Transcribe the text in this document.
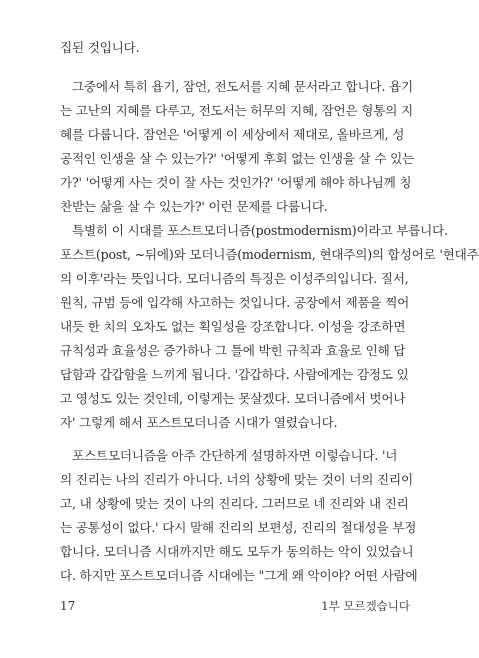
집된 것입니다.
그중에서 특히 욥기, 잠언, 전도서를 지혜 문서라고 합니다. 욥기
는 고난의 지혜를 다루고, 전도서는 허무의 지혜, 잠언은 형통의 지
혜를 다룹니다. 잠언은 '어떻게 이 세상에서 제대로, 올바르게, 성
공적인 인생을 살 수 있는가?' '어떻게 후회 없는 인생을 살 수 있는
가?' '어떻게 사는 것이 잘 사는 것인가?' '어떻게 해야 하나님께 칭
찬받는 삶을 살 수 있는가?' 이런 문제를 다룹니다.
특별히 이 시대를 포스트모더니즘(postmodernism)이라고 부릅니다.
포스트(post, ~뒤에)와 모더니즘(modernism, 현대주의)의 합성어로 '현대주
의 이후'라는 뜻입니다. 모더니즘의 특징은 이성주의입니다. 질서,
원칙, 규범 등에 입각해 사고하는 것입니다. 공장에서 제품을 찍어
내듯 한 치의 오차도 없는 획일성을 강조합니다. 이성을 강조하면
규칙성과 효율성은 증가하나 그 틀에 박힌 규칙과 효율로 인해 답
답함과 갑갑함을 느끼게 됩니다. '갑갑하다. 사람에게는 감정도 있
고 영성도 있는 것인데, 이렇게는 못살겠다. 모더니즘에서 벗어나
자' 그렇게 해서 포스트모더니즘 시대가 열렸습니다.
포스트모더니즘을 아주 간단하게 설명하자면 이렇습니다. '너
의 진리는 나의 진리가 아니다. 너의 상황에 맞는 것이 너의 진리이
고, 내 상황에 맞는 것이 나의 진리다. 그러므로 네 진리와 내 진리
는 공통성이 없다.' 다시 말해 진리의 보편성, 진리의 절대성을 부정
합니다. 모더니즘 시대까지만 해도 모두가 동의하는 악이 있었습니
다. 하지만 포스트모더니즘 시대에는 "그게 왜 악이야? 어떤 사람에
17	1부 모르겠습니다
